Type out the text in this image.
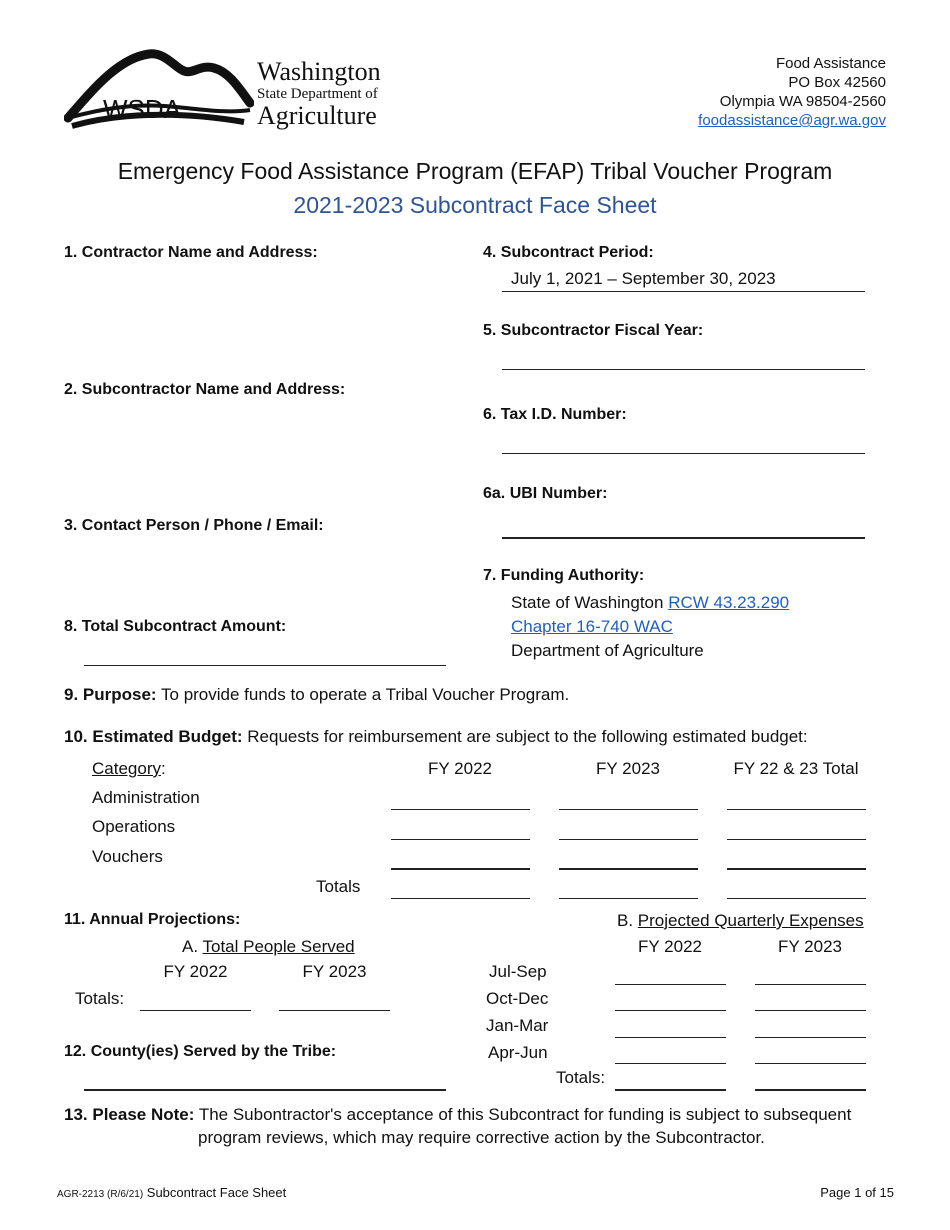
WSDA
Washington
State Department of
Agriculture
Food Assistance
PO Box 42560
Olympia WA 98504-2560
foodassistance@agr.wa.gov
Emergency Food Assistance Program (EFAP) Tribal Voucher Program
2021-2023 Subcontract Face Sheet
1. Contractor Name and Address:
2. Subcontractor Name and Address:
3. Contact Person / Phone / Email:
8. Total Subcontract Amount:
4. Subcontract Period:
July 1, 2021 – September 30, 2023
5. Subcontractor Fiscal Year:
6. Tax I.D. Number:
6a. UBI Number:
7. Funding Authority:
State of Washington RCW 43.23.290
Chapter 16-740 WAC
Department of Agriculture
9. Purpose: To provide funds to operate a Tribal Voucher Program.
10. Estimated Budget: Requests for reimbursement are subject to the following estimated budget:
Category:	FY 2022	FY 2023	FY 22 & 23 Total
Administration
Operations
Vouchers
Totals
11. Annual Projections:
A. Total People Served
FY 2022	FY 2023
Totals:
B. Projected Quarterly Expenses
FY 2022	FY 2023
Jul-Sep
Oct-Dec
Jan-Mar
Apr-Jun
Totals:
12. County(ies) Served by the Tribe:
13. Please Note: The Subontractor's acceptance of this Subcontract for funding is subject to subsequent
program reviews, which may require corrective action by the Subcontractor.
AGR-2213 (R/6/21) Subcontract Face Sheet	Page 1 of 15
